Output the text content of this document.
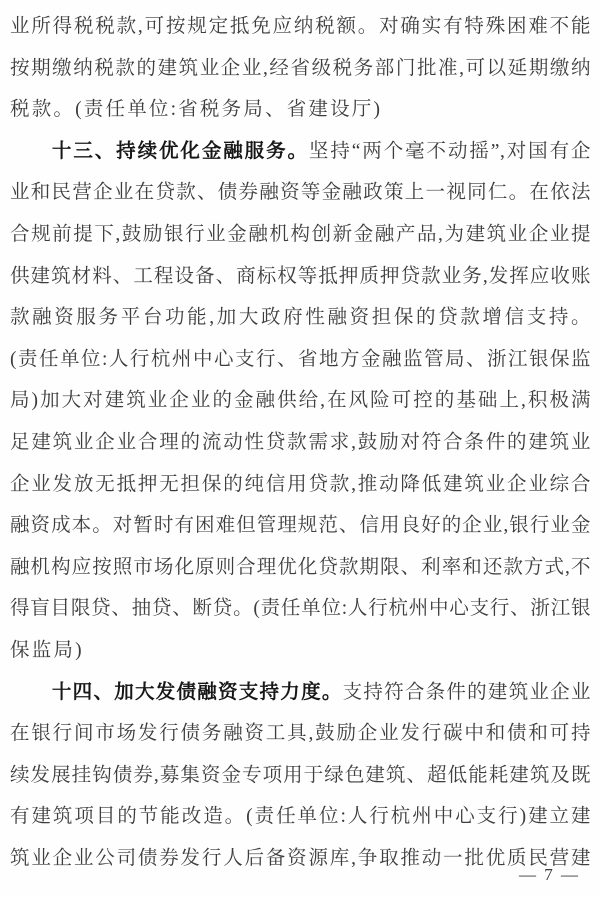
业所得税税款,可按规定抵免应纳税额。对确实有特殊困难不能
按期缴纳税款的建筑业企业,经省级税务部门批准,可以延期缴纳
税款。(责任单位:省税务局、省建设厅)
十三、持续优化金融服务。坚持“两个毫不动摇”,对国有企
业和民营企业在贷款、债券融资等金融政策上一视同仁。在依法
合规前提下,鼓励银行业金融机构创新金融产品,为建筑业企业提
供建筑材料、工程设备、商标权等抵押质押贷款业务,发挥应收账
款融资服务平台功能,加大政府性融资担保的贷款增信支持。
(责任单位:人行杭州中心支行、省地方金融监管局、浙江银保监
局)加大对建筑业企业的金融供给,在风险可控的基础上,积极满
足建筑业企业合理的流动性贷款需求,鼓励对符合条件的建筑业
企业发放无抵押无担保的纯信用贷款,推动降低建筑业企业综合
融资成本。对暂时有困难但管理规范、信用良好的企业,银行业金
融机构应按照市场化原则合理优化贷款期限、利率和还款方式,不
得盲目限贷、抽贷、断贷。(责任单位:人行杭州中心支行、浙江银
保监局)
十四、加大发债融资支持力度。支持符合条件的建筑业企业
在银行间市场发行债务融资工具,鼓励企业发行碳中和债和可持
续发展挂钩债券,募集资金专项用于绿色建筑、超低能耗建筑及既
有建筑项目的节能改造。(责任单位:人行杭州中心支行)建立建
筑业企业公司债券发行人后备资源库,争取推动一批优质民营建
— 7 —
